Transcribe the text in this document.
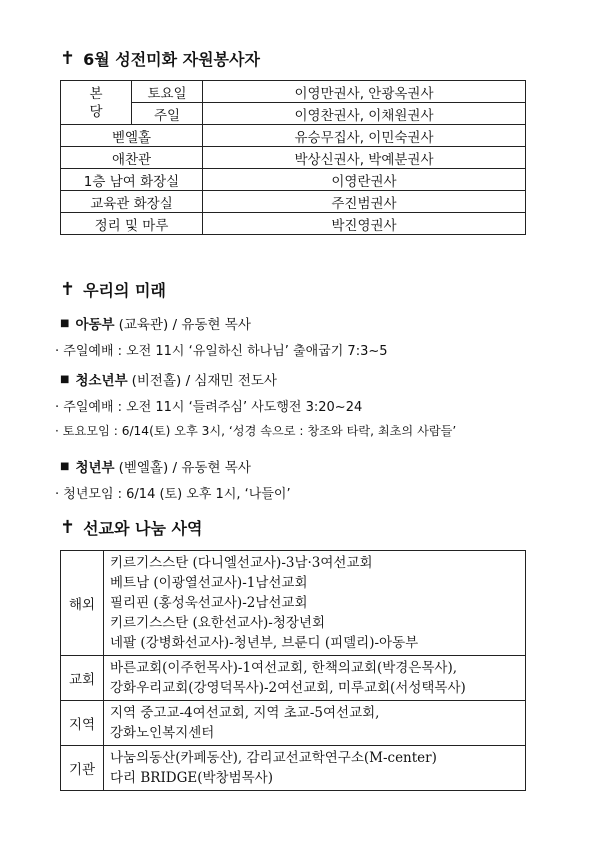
✝ 6월 성전미화 자원봉사자
본당	토요일	이영만권사, 안광옥권사
	주일	이영찬권사, 이채원권사
벧엘홀		유승무집사, 이민숙권사
애찬관		박상신권사, 박예분권사
1층 남여 화장실		이영란권사
교육관 화장실		주진범권사
정리 및 마루		박진영권사
✝ 우리의 미래
■ 아동부 (교육관) / 유동현 목사
· 주일예배 : 오전 11시 ‘유일하신 하나님’ 출애굽기 7:3~5
■ 청소년부 (비전홀) / 심재민 전도사
· 주일예배 : 오전 11시 ‘들려주심’ 사도행전 3:20~24
· 토요모임 : 6/14(토) 오후 3시, ‘성경 속으로 : 창조와 타락, 최초의 사람들’
■ 청년부 (벧엘홀) / 유동현 목사
· 청년모임 : 6/14 (토) 오후 1시, ‘나들이’
✝ 선교와 나눔 사역
해외	키르기스스탄 (다니엘선교사)-3남·3여선교회
베트남 (이광열선교사)-1남선교회
필리핀 (홍성욱선교사)-2남선교회
키르기스스탄 (요한선교사)-청장년회
네팔 (강병화선교사)-청년부, 브룬디 (피델리)-아동부

교회	바른교회(이주헌목사)-1여선교회, 한책의교회(박경은목사),
강화우리교회(강영덕목사)-2여선교회, 미루교회(서성택목사)

지역	지역 중고교-4여선교회, 지역 초교-5여선교회,
강화노인복지센터

기관	나눔의동산(카페동산), 감리교선교학연구소(M-center)
다리 BRIDGE(박창범목사)
